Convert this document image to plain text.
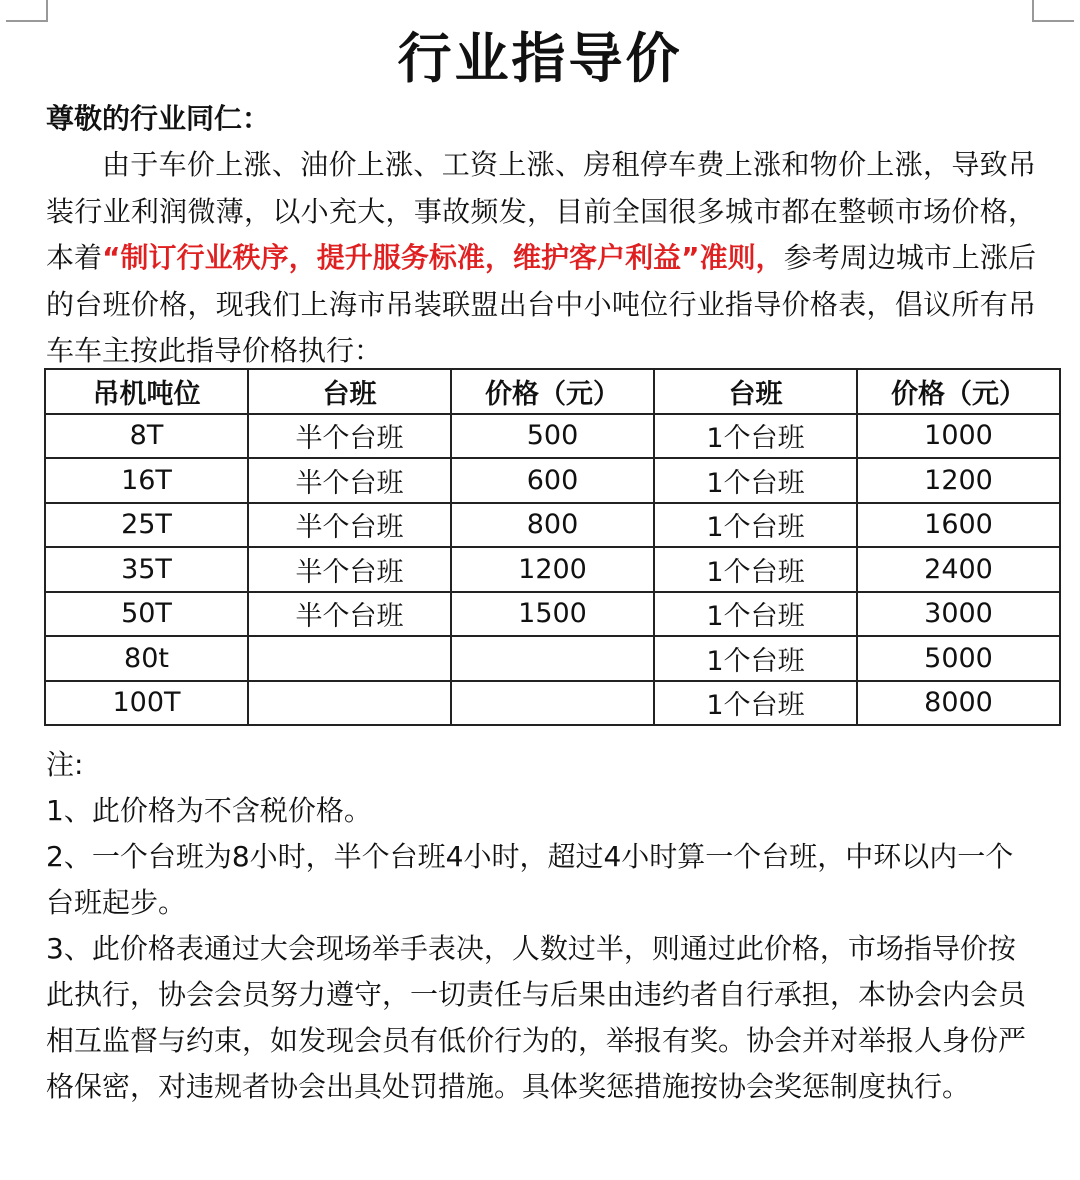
行业指导价
尊敬的行业同仁：
由于车价上涨、油价上涨、工资上涨、房租停车费上涨和物价上涨，导致吊装行业利润微薄，以小充大，事故频发，目前全国很多城市都在整顿市场价格，本着“制订行业秩序，提升服务标准，维护客户利益”准则，参考周边城市上涨后的台班价格，现我们上海市吊装联盟出台中小吨位行业指导价格表，倡议所有吊车车主按此指导价格执行：
吊机吨位	台班	价格（元）	台班	价格（元）
8T	半个台班	500	1个台班	1000
16T	半个台班	600	1个台班	1200
25T	半个台班	800	1个台班	1600
35T	半个台班	1200	1个台班	2400
50T	半个台班	1500	1个台班	3000
80t			1个台班	5000
100T			1个台班	8000

注:

1、此价格为不含税价格。

2、一个台班为8小时，半个台班4小时，超过4小时算一个台班，中环以内一个台班起步。

3、此价格表通过大会现场举手表决，人数过半，则通过此价格，市场指导价按此执行，协会会员努力遵守，一切责任与后果由违约者自行承担，本协会内会员相互监督与约束，如发现会员有低价行为的，举报有奖。协会并对举报人身份严格保密，对违规者协会出具处罚措施。具体奖惩措施按协会奖惩制度执行。
